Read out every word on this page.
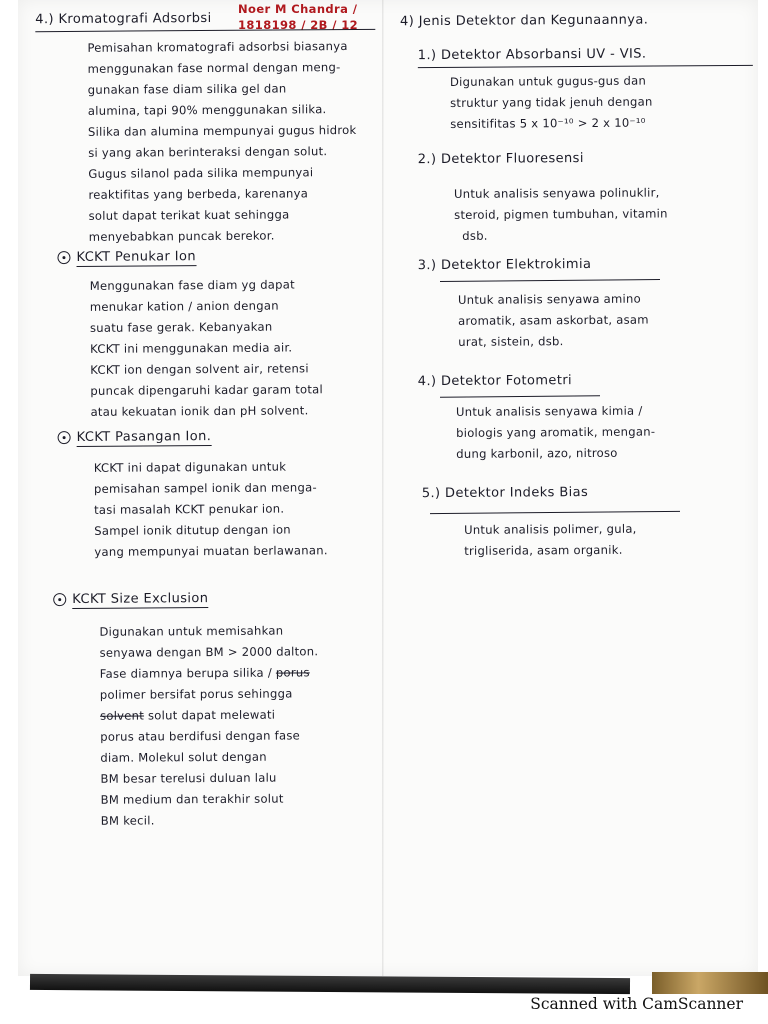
Noer M Chandra /
1818198 / 2B / 12
4.) Kromatografi Adsorbsi
Pemisahan kromatografi adsorbsi biasanya
menggunakan fase normal dengan meng-
gunakan fase diam silika gel dan
alumina, tapi 90% menggunakan silika.
Silika dan alumina mempunyai gugus hidrok
si yang akan berinteraksi dengan solut.
Gugus silanol pada silika mempunyai
reaktifitas yang berbeda, karenanya
solut dapat terikat kuat sehingga
menyebabkan puncak berekor.
KCKT Penukar Ion
Menggunakan fase diam yg dapat
menukar kation / anion dengan
suatu fase gerak. Kebanyakan
KCKT ini menggunakan media air.
KCKT ion dengan solvent air, retensi
puncak dipengaruhi kadar garam total
atau kekuatan ionik dan pH solvent.
KCKT Pasangan Ion.
KCKT ini dapat digunakan untuk
pemisahan sampel ionik dan menga-
tasi masalah KCKT penukar ion.
Sampel ionik ditutup dengan ion
yang mempunyai muatan berlawanan.
KCKT Size Exclusion
Digunakan untuk memisahkan
senyawa dengan BM > 2000 dalton.
Fase diamnya berupa silika / porus
polimer bersifat porus sehingga
solvent solut dapat melewati
porus atau berdifusi dengan fase
diam. Molekul solut dengan
BM besar terelusi duluan lalu
BM medium dan terakhir solut
BM kecil.
4) Jenis Detektor dan Kegunaannya.
1.) Detektor Absorbansi UV - VIS.
Digunakan untuk gugus-gus dan
struktur yang tidak jenuh dengan
sensitifitas 5 x 10⁻¹⁰ > 2 x 10⁻¹⁰
2.) Detektor Fluoresensi
Untuk analisis senyawa polinuklir,
steroid, pigmen tumbuhan, vitamin
dsb.
3.) Detektor Elektrokimia
Untuk analisis senyawa amino
aromatik, asam askorbat, asam
urat, sistein, dsb.
4.) Detektor Fotometri
Untuk analisis senyawa kimia /
biologis yang aromatik, mengan-
dung karbonil, azo, nitroso
5.) Detektor Indeks Bias
Untuk analisis polimer, gula,
trigliserida, asam organik.
Scanned with CamScanner
